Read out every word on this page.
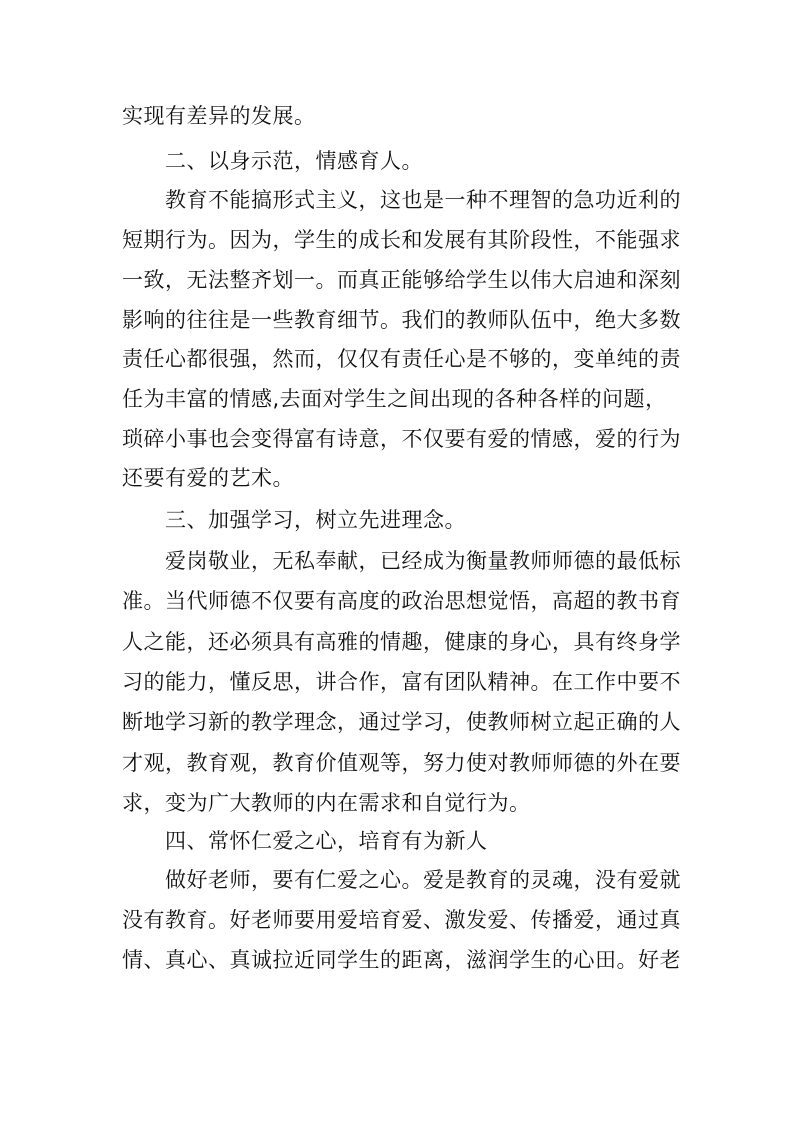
实现有差异的发展。
二、以身示范，情感育人。
教育不能搞形式主义，这也是一种不理智的急功近利的
短期行为。因为，学生的成长和发展有其阶段性，不能强求
一致，无法整齐划一。而真正能够给学生以伟大启迪和深刻
影响的往往是一些教育细节。我们的教师队伍中，绝大多数
责任心都很强，然而，仅仅有责任心是不够的，变单纯的责
任为丰富的情感,去面对学生之间出现的各种各样的问题，
琐碎小事也会变得富有诗意，不仅要有爱的情感，爱的行为
还要有爱的艺术。
三、加强学习，树立先进理念。
爱岗敬业，无私奉献，已经成为衡量教师师德的最低标
准。当代师德不仅要有高度的政治思想觉悟，高超的教书育
人之能，还必须具有高雅的情趣，健康的身心，具有终身学
习的能力，懂反思，讲合作，富有团队精神。在工作中要不
断地学习新的教学理念，通过学习，使教师树立起正确的人
才观，教育观，教育价值观等，努力使对教师师德的外在要
求，变为广大教师的内在需求和自觉行为。
四、常怀仁爱之心，培育有为新人
做好老师，要有仁爱之心。爱是教育的灵魂，没有爱就
没有教育。好老师要用爱培育爱、激发爱、传播爱，通过真
情、真心、真诚拉近同学生的距离，滋润学生的心田。好老
